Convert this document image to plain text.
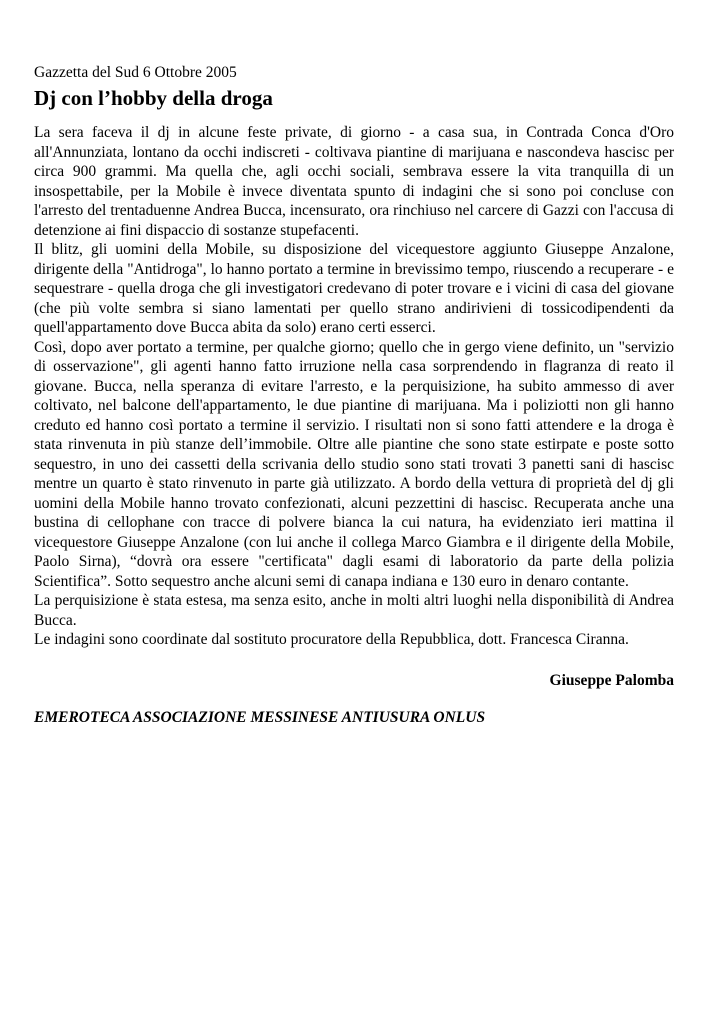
Gazzetta del Sud 6 Ottobre 2005

Dj con l’hobby della droga

La sera faceva il dj in alcune feste private, di giorno - a casa sua, in Contrada Conca d'Oro all'Annunziata, lontano da occhi indiscreti - coltivava piantine di marijuana e nascondeva hascisc per circa 900 grammi. Ma quella che, agli occhi sociali, sembrava essere la vita tranquilla di un insospettabile, per la Mobile è invece diventata spunto di indagini che si sono poi concluse con l'arresto del trentaduenne Andrea Bucca, incensurato, ora rinchiuso nel carcere di Gazzi con l'accusa di detenzione ai fini dispaccio di sostanze stupefacenti.

Il blitz, gli uomini della Mobile, su disposizione del vicequestore aggiunto Giuseppe Anzalone, dirigente della "Antidroga", lo hanno portato a termine in brevissimo tempo, riuscendo a recuperare - e sequestrare - quella droga che gli investigatori credevano di poter trovare e i vicini di casa del giovane (che più volte sembra si siano lamentati per quello strano andirivieni di tossicodipendenti da quell'appartamento dove Bucca abita da solo) erano certi esserci.

Così, dopo aver portato a termine, per qualche giorno; quello che in gergo viene definito, un "servizio di osservazione", gli agenti hanno fatto irruzione nella casa sorprendendo in flagranza di reato il giovane. Bucca, nella speranza di evitare l'arresto, e la perquisizione, ha subito ammesso di aver coltivato, nel balcone dell'appartamento, le due piantine di marijuana. Ma i poliziotti non gli hanno creduto ed hanno così portato a termine il servizio. I risultati non si sono fatti attendere e la droga è stata rinvenuta in più stanze dell’immobile. Oltre alle piantine che sono state estirpate e poste sotto sequestro, in uno dei cassetti della scrivania dello studio sono stati trovati 3 panetti sani di hascisc mentre un quarto è stato rinvenuto in parte già utilizzato. A bordo della vettura di proprietà del dj gli uomini della Mobile hanno trovato confezionati, alcuni pezzettini di hascisc. Recuperata anche una bustina di cellophane con tracce di polvere bianca la cui natura, ha evidenziato ieri mattina il vicequestore Giuseppe Anzalone (con lui anche il collega Marco Giambra e il dirigente della Mobile, Paolo Sirna), “dovrà ora essere "certificata" dagli esami di laboratorio da parte della polizia Scientifica”. Sotto sequestro anche alcuni semi di canapa indiana e 130 euro in denaro contante.

La perquisizione è stata estesa, ma senza esito, anche in molti altri luoghi nella disponibilità di Andrea Bucca.

Le indagini sono coordinate dal sostituto procuratore della Repubblica, dott. Francesca Ciranna.

Giuseppe Palomba

EMEROTECA ASSOCIAZIONE MESSINESE ANTIUSURA ONLUS
